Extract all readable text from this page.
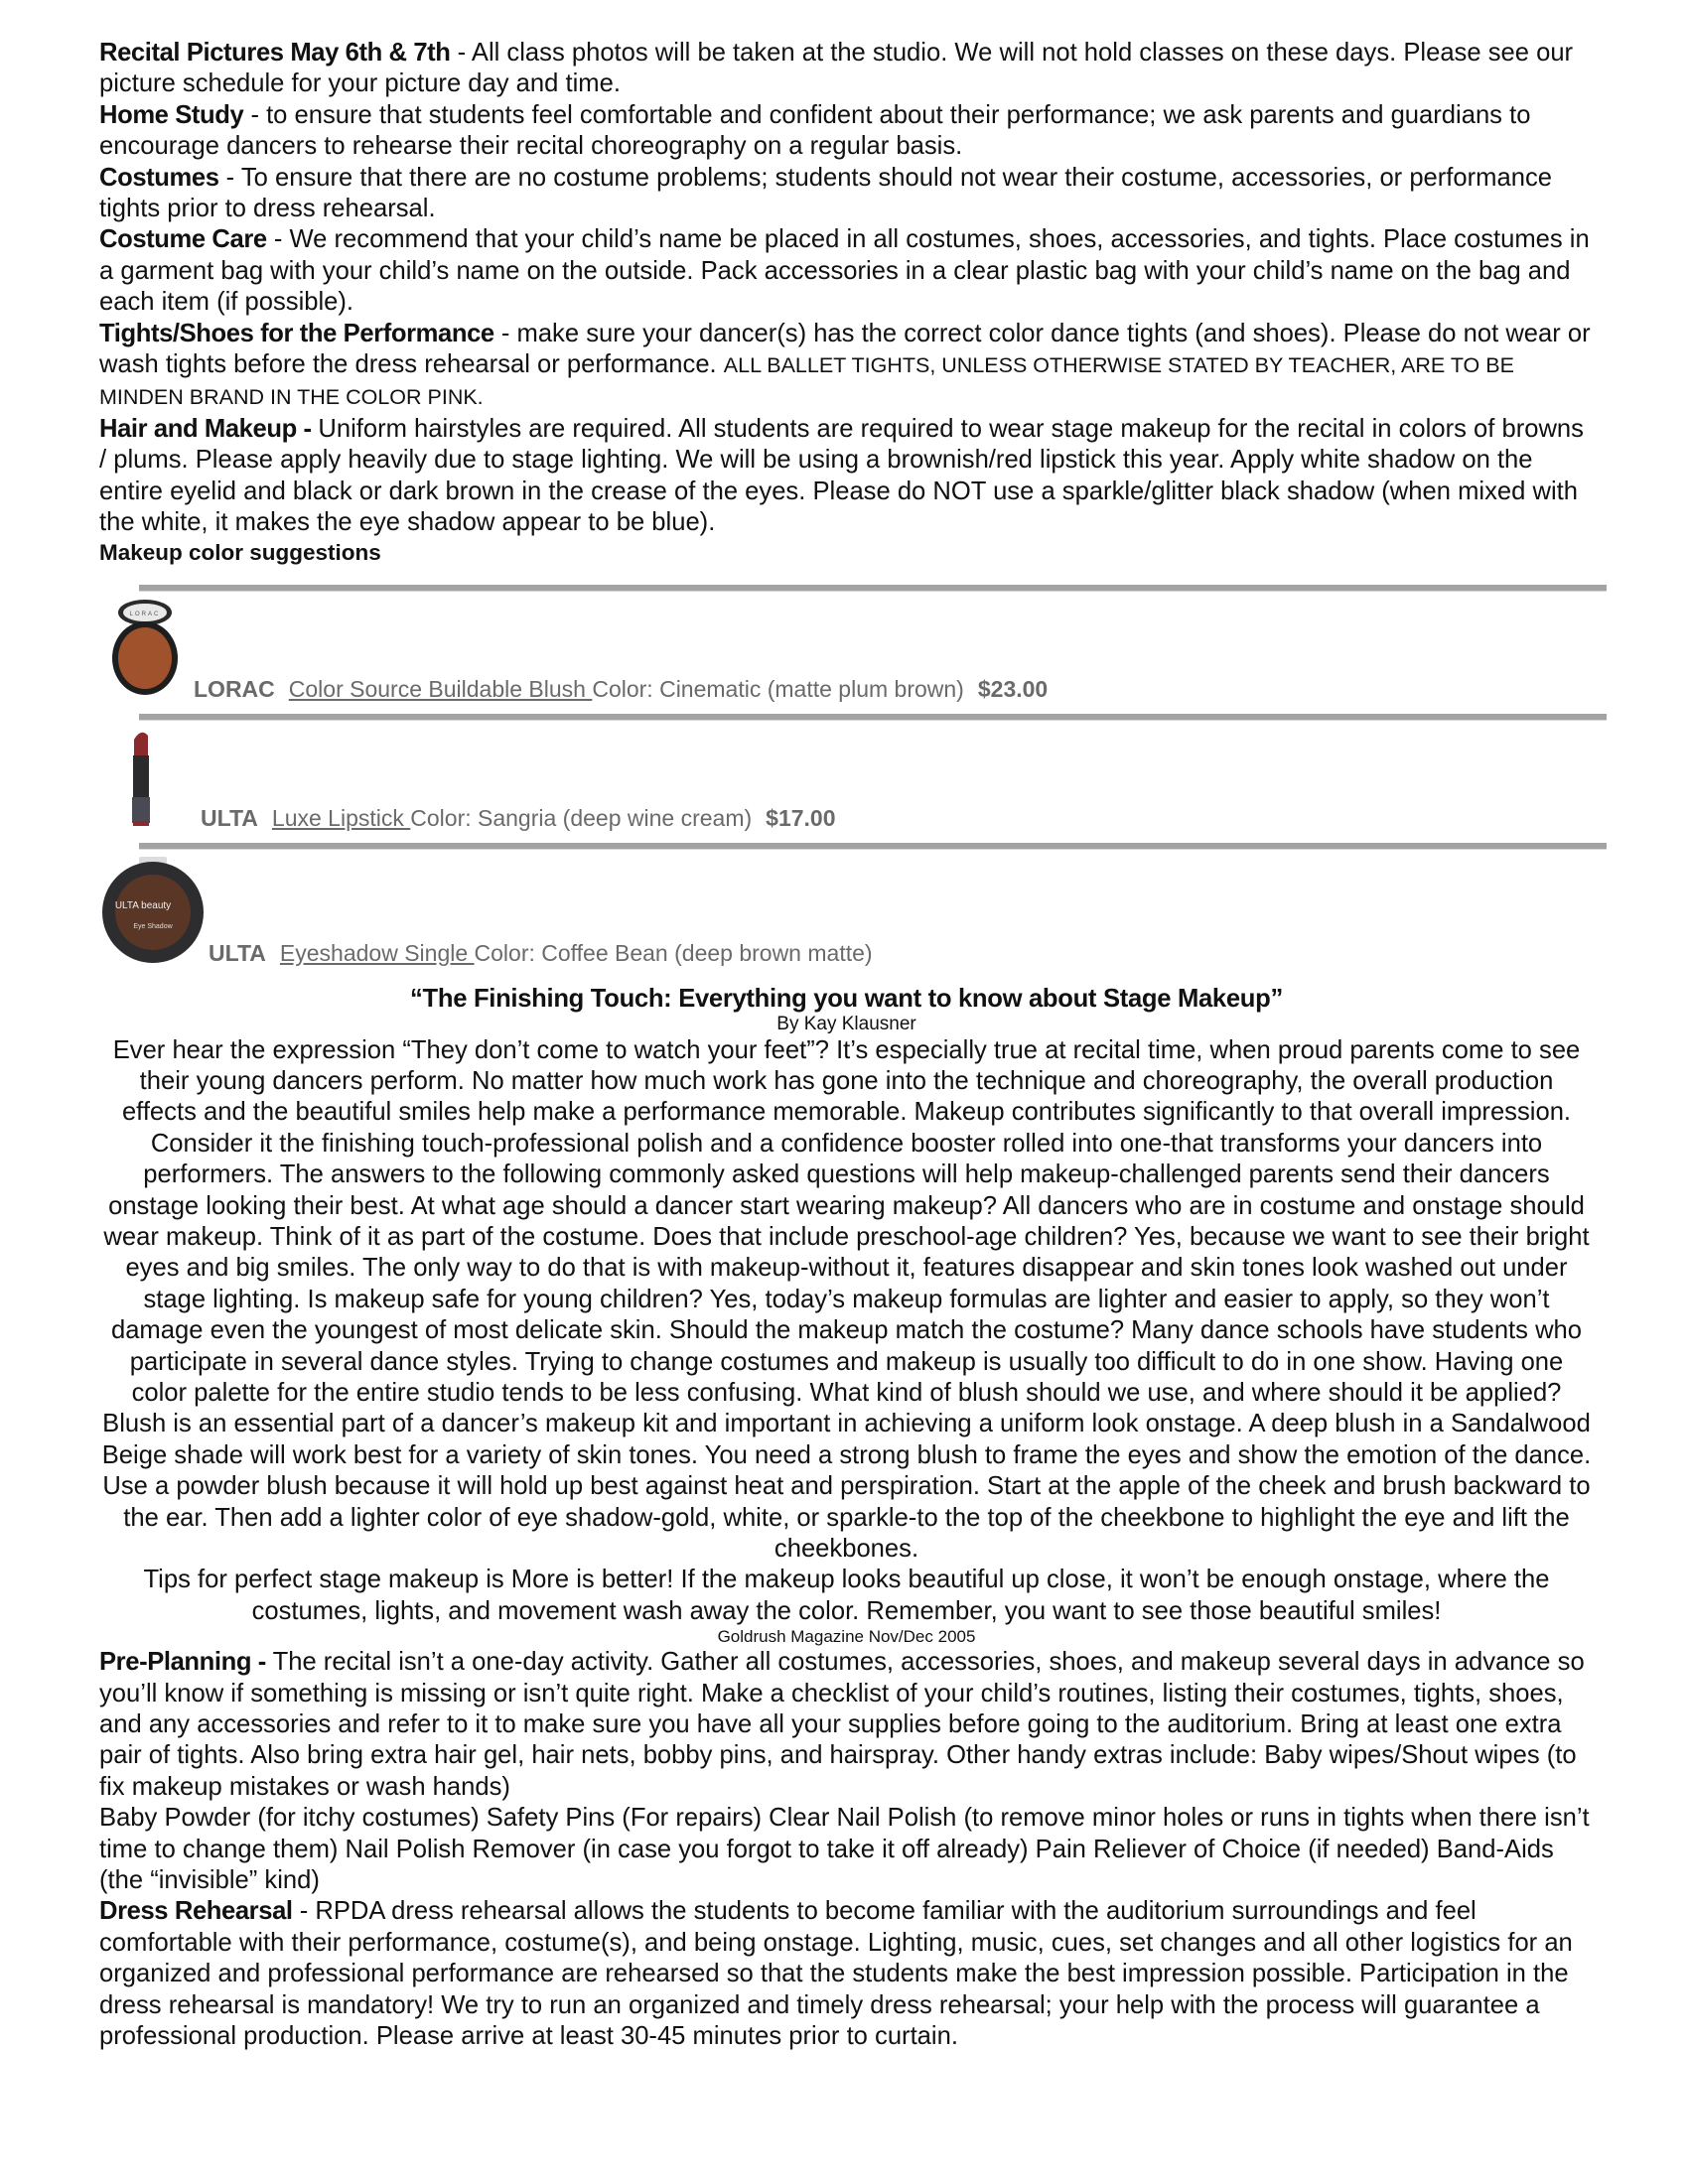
Recital Pictures May 6th & 7th - All class photos will be taken at the studio. We will not hold classes on these days. Please see our picture schedule for your picture day and time.

Home Study - to ensure that students feel comfortable and confident about their performance; we ask parents and guardians to encourage dancers to rehearse their recital choreography on a regular basis.

Costumes - To ensure that there are no costume problems; students should not wear their costume, accessories, or performance tights prior to dress rehearsal.

Costume Care - We recommend that your child’s name be placed in all costumes, shoes, accessories, and tights. Place costumes in a garment bag with your child’s name on the outside. Pack accessories in a clear plastic bag with your child’s name on the bag and each item (if possible).

Tights/Shoes for the Performance - make sure your dancer(s) has the correct color dance tights (and shoes). Please do not wear or wash tights before the dress rehearsal or performance. ALL BALLET TIGHTS, UNLESS OTHERWISE STATED BY TEACHER, ARE TO BE MINDEN BRAND IN THE COLOR PINK.

Hair and Makeup - Uniform hairstyles are required. All students are required to wear stage makeup for the recital in colors of browns / plums. Please apply heavily due to stage lighting. We will be using a brownish/red lipstick this year. Apply white shadow on the entire eyelid and black or dark brown in the crease of the eyes. Please do NOT use a sparkle/glitter black shadow (when mixed with the white, it makes the eye shadow appear to be blue).

Makeup color suggestions

LORAC
LORAC Color Source Buildable Blush Color: Cinematic (matte plum brown) $23.00
ULTA Luxe Lipstick Color: Sangria (deep wine cream) $17.00
ULTA beauty
Eye Shadow
ULTA Eyeshadow Single Color: Coffee Bean (deep brown matte)

“The Finishing Touch: Everything you want to know about Stage Makeup”

By Kay Klausner

Ever hear the expression “They don’t come to watch your feet”? It’s especially true at recital time, when proud parents come to see their young dancers perform. No matter how much work has gone into the technique and choreography, the overall production effects and the beautiful smiles help make a performance memorable. Makeup contributes significantly to that overall impression. Consider it the finishing touch-professional polish and a confidence booster rolled into one-that transforms your dancers into performers. The answers to the following commonly asked questions will help makeup-challenged parents send their dancers onstage looking their best. At what age should a dancer start wearing makeup? All dancers who are in costume and onstage should wear makeup. Think of it as part of the costume. Does that include preschool-age children? Yes, because we want to see their bright eyes and big smiles. The only way to do that is with makeup-without it, features disappear and skin tones look washed out under stage lighting. Is makeup safe for young children? Yes, today’s makeup formulas are lighter and easier to apply, so they won’t damage even the youngest of most delicate skin. Should the makeup match the costume? Many dance schools have students who participate in several dance styles. Trying to change costumes and makeup is usually too difficult to do in one show. Having one color palette for the entire studio tends to be less confusing. What kind of blush should we use, and where should it be applied? Blush is an essential part of a dancer’s makeup kit and important in achieving a uniform look onstage. A deep blush in a Sandalwood Beige shade will work best for a variety of skin tones. You need a strong blush to frame the eyes and show the emotion of the dance. Use a powder blush because it will hold up best against heat and perspiration. Start at the apple of the cheek and brush backward to the ear. Then add a lighter color of eye shadow-gold, white, or sparkle-to the top of the cheekbone to highlight the eye and lift the cheekbones.

Tips for perfect stage makeup is More is better! If the makeup looks beautiful up close, it won’t be enough onstage, where the costumes, lights, and movement wash away the color. Remember, you want to see those beautiful smiles!

Goldrush Magazine Nov/Dec 2005

Pre-Planning - The recital isn’t a one-day activity. Gather all costumes, accessories, shoes, and makeup several days in advance so you’ll know if something is missing or isn’t quite right. Make a checklist of your child’s routines, listing their costumes, tights, shoes, and any accessories and refer to it to make sure you have all your supplies before going to the auditorium. Bring at least one extra pair of tights. Also bring extra hair gel, hair nets, bobby pins, and hairspray. Other handy extras include: Baby wipes/Shout wipes (to fix makeup mistakes or wash hands)

Baby Powder (for itchy costumes) Safety Pins (For repairs) Clear Nail Polish (to remove minor holes or runs in tights when there isn’t time to change them) Nail Polish Remover (in case you forgot to take it off already) Pain Reliever of Choice (if needed) Band-Aids (the “invisible” kind)

Dress Rehearsal - RPDA dress rehearsal allows the students to become familiar with the auditorium surroundings and feel comfortable with their performance, costume(s), and being onstage. Lighting, music, cues, set changes and all other logistics for an organized and professional performance are rehearsed so that the students make the best impression possible. Participation in the dress rehearsal is mandatory! We try to run an organized and timely dress rehearsal; your help with the process will guarantee a professional production. Please arrive at least 30-45 minutes prior to curtain.
